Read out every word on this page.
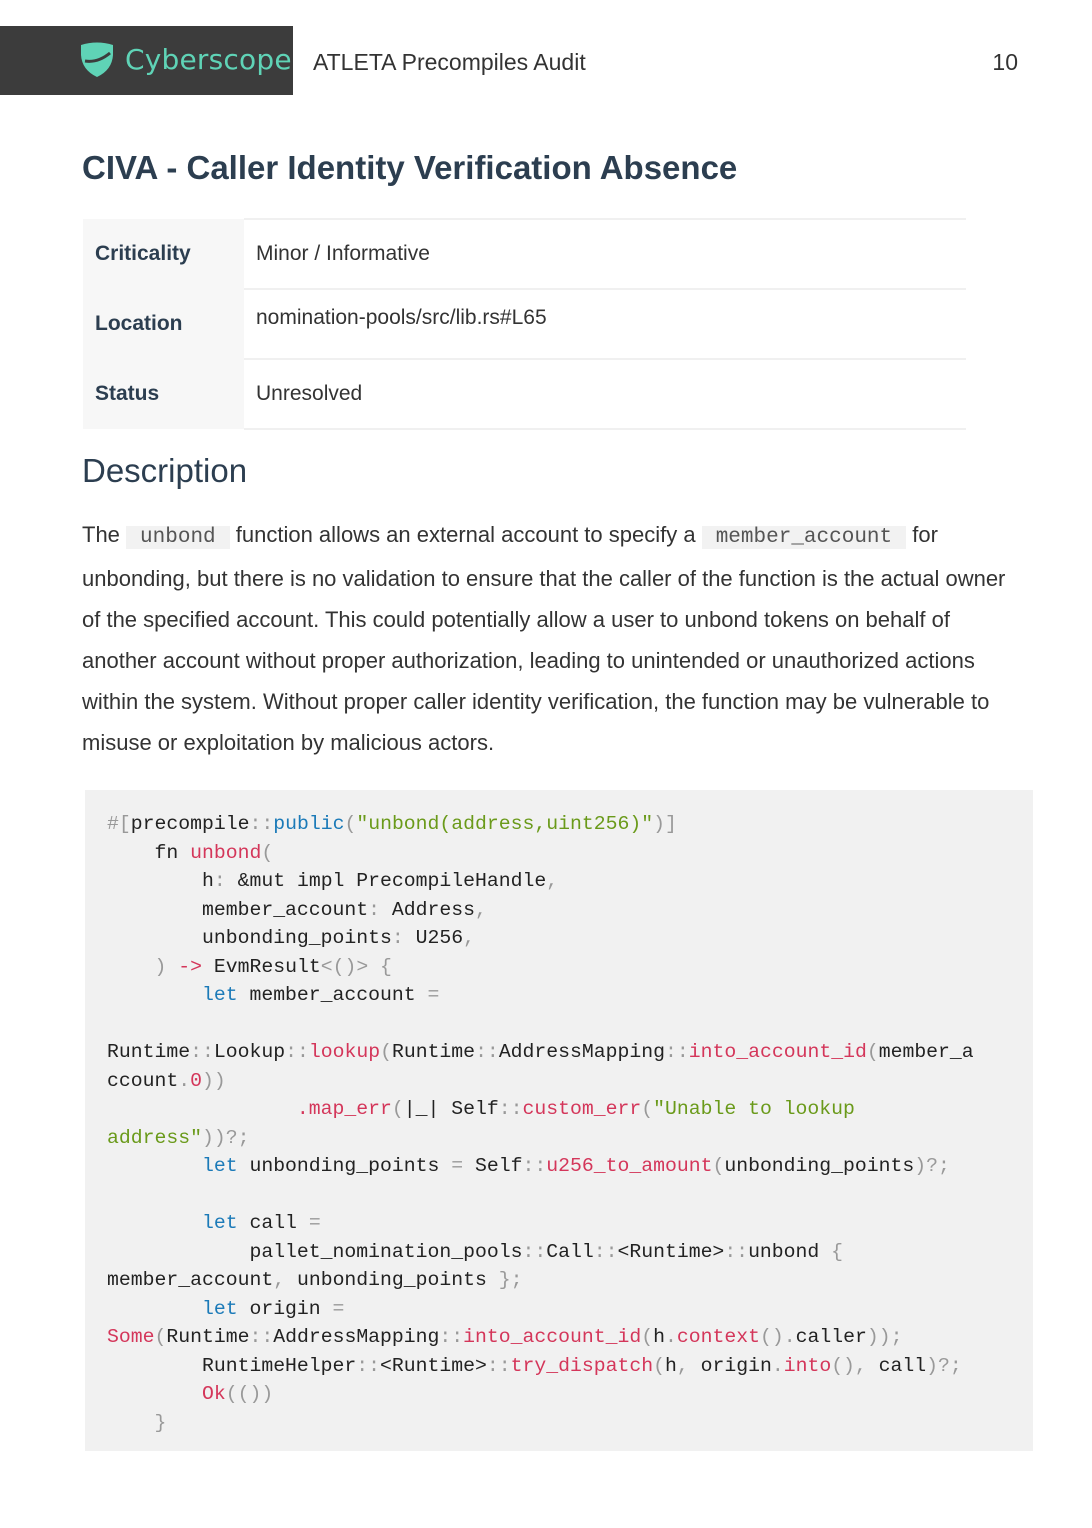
Cyberscope ATLETA Precompiles Audit	10
CIVA - Caller Identity Verification Absence
Criticality	Minor / Informative
Location	nomination-pools/src/lib.rs#L65
Status	Unresolved
Description

The unbond function allows an external account to specify a member_account for unbonding, but there is no validation to ensure that the caller of the function is the actual owner of the specified account. This could potentially allow a user to unbond tokens on behalf of another account without proper authorization, leading to unintended or unauthorized actions within the system. Without proper caller identity verification, the function may be vulnerable to misuse or exploitation by malicious actors.

#[precompile::public("unbond(address,uint256)")]
fn unbond(
h: &mut impl PrecompileHandle,
member_account: Address,
unbonding_points: U256,
) -> EvmResult<()> {
let member_account =
Runtime::Lookup::lookup(Runtime::AddressMapping::into_account_id(member_a
ccount.0))
.map_err(|_| Self::custom_err("Unable to lookup
address"))?;
let unbonding_points = Self::u256_to_amount(unbonding_points)?;
let call =
pallet_nomination_pools::Call::<Runtime>::unbond {
member_account, unbonding_points };
let origin =
Some(Runtime::AddressMapping::into_account_id(h.context().caller));
RuntimeHelper::<Runtime>::try_dispatch(h, origin.into(), call)?;
Ok(())
}
